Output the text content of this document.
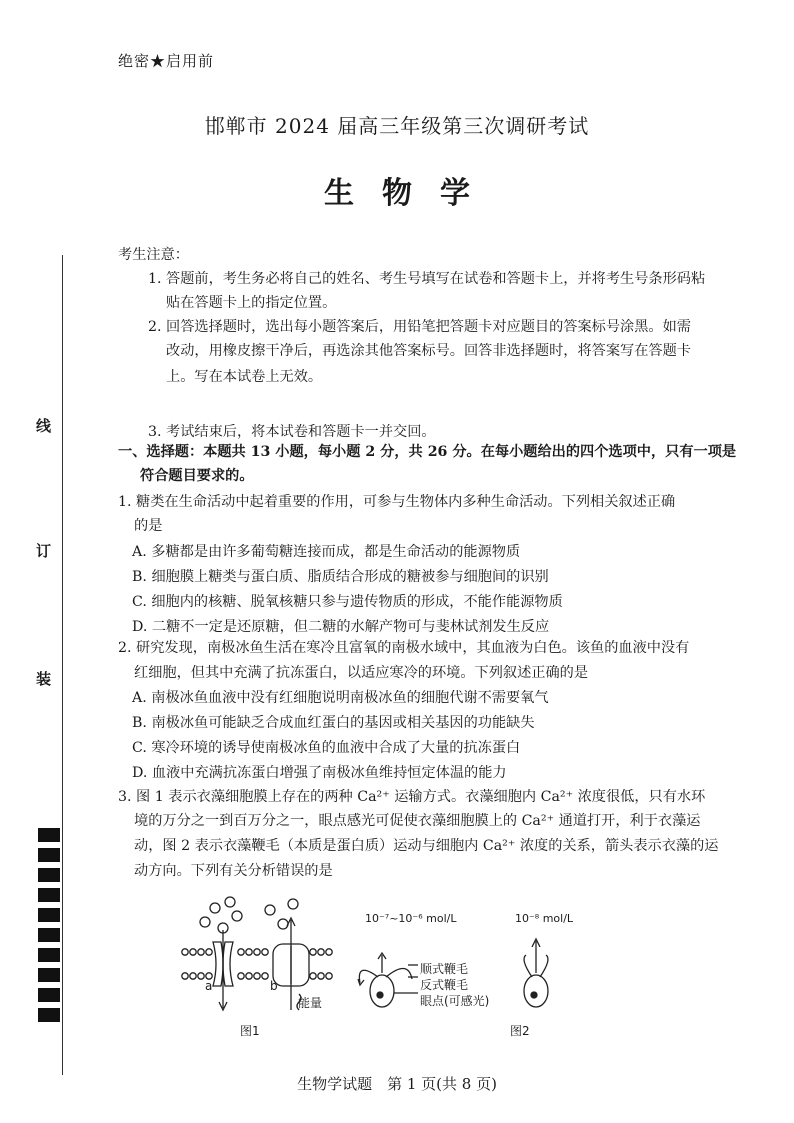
绝密★启用前
邯郸市 2024 届高三年级第三次调研考试
生物学
线
订
装
考生注意：
1. 答题前，考生务必将自己的姓名、考生号填写在试卷和答题卡上，并将考生号条形码粘
贴在答题卡上的指定位置。
2. 回答选择题时，选出每小题答案后，用铅笔把答题卡对应题目的答案标号涂黑。如需
改动，用橡皮擦干净后，再选涂其他答案标号。回答非选择题时，将答案写在答题卡
上。写在本试卷上无效。
3. 考试结束后，将本试卷和答题卡一并交回。
一、选择题：本题共 13 小题，每小题 2 分，共 26 分。在每小题给出的四个选项中，只有一项是
符合题目要求的。
1. 糖类在生命活动中起着重要的作用，可参与生物体内多种生命活动。下列相关叙述正确
的是
A. 多糖都是由许多葡萄糖连接而成，都是生命活动的能源物质
B. 细胞膜上糖类与蛋白质、脂质结合形成的糖被参与细胞间的识别
C. 细胞内的核糖、脱氧核糖只参与遗传物质的形成，不能作能源物质
D. 二糖不一定是还原糖，但二糖的水解产物可与斐林试剂发生反应
2. 研究发现，南极冰鱼生活在寒冷且富氧的南极水域中，其血液为白色。该鱼的血液中没有
红细胞，但其中充满了抗冻蛋白，以适应寒冷的环境。下列叙述正确的是
A. 南极冰鱼血液中没有红细胞说明南极冰鱼的细胞代谢不需要氧气
B. 南极冰鱼可能缺乏合成血红蛋白的基因或相关基因的功能缺失
C. 寒冷环境的诱导使南极冰鱼的血液中合成了大量的抗冻蛋白
D. 血液中充满抗冻蛋白增强了南极冰鱼维持恒定体温的能力
3. 图 1 表示衣藻细胞膜上存在的两种 Ca²⁺ 运输方式。衣藻细胞内 Ca²⁺ 浓度很低，只有水环
境的万分之一到百万分之一，眼点感光可促使衣藻细胞膜上的 Ca²⁺ 通道打开，利于衣藻运
动，图 2 表示衣藻鞭毛（本质是蛋白质）运动与细胞内 Ca²⁺ 浓度的关系，箭头表示衣藻的运
动方向。下列有关分析错误的是
a	b
能量
图1
10⁻⁷~10⁻⁶ mol/L	10⁻⁸ mol/L
顺式鞭毛
反式鞭毛
眼点(可感光)
图2
生物学试题　第 1 页(共 8 页)
